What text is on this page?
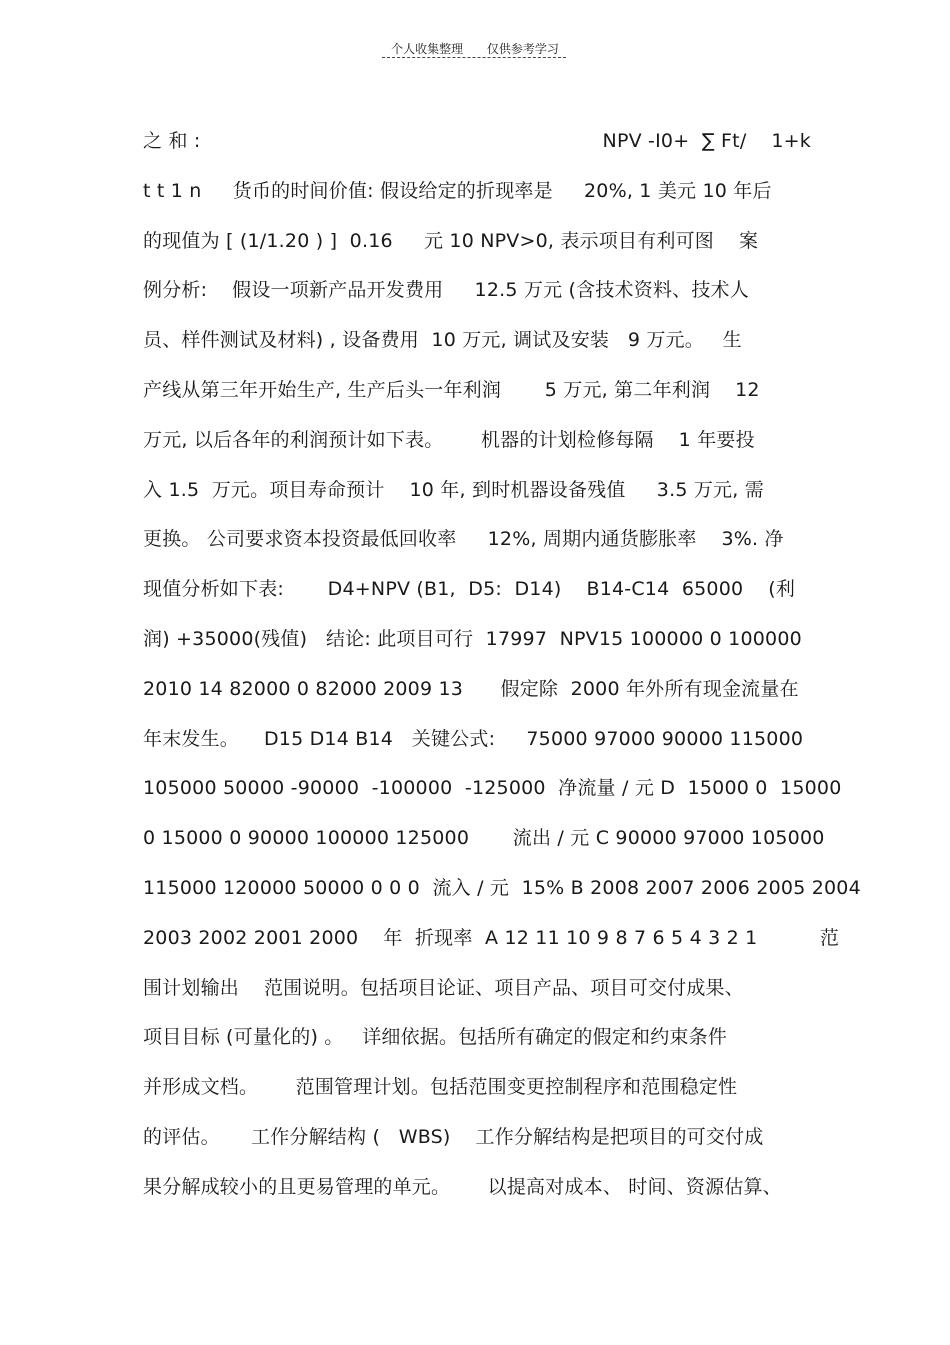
个人收集整理 仅供参考学习
之 和 :	NPV -I0+  ∑ Ft/    1+k
t t 1 n     货币的时间价值: 假设给定的折现率是     20%, 1 美元 10 年后
的现值为 [ (1/1.20 ) ]  0.16     元 10 NPV>0, 表示项目有利可图    案
例分析:    假设一项新产品开发费用     12.5 万元 (含技术资料、技术人
员、样件测试及材料) , 设备费用  10 万元, 调试及安装   9 万元。   生
产线从第三年开始生产, 生产后头一年利润       5 万元, 第二年利润    12
万元, 以后各年的利润预计如下表。      机器的计划检修每隔    1 年要投
入 1.5  万元。项目寿命预计    10 年, 到时机器设备残值     3.5 万元, 需
更换。 公司要求资本投资最低回收率     12%, 周期内通货膨胀率    3%. 净
现值分析如下表:       D4+NPV (B1,  D5:  D14)    B14-C14  65000    (利
润) +35000(残值)   结论: 此项目可行  17997  NPV15 100000 0 100000
2010 14 82000 0 82000 2009 13      假定除  2000 年外所有现金流量在
年末发生。    D15 D14 B14   关键公式:     75000 97000 90000 115000
105000 50000 -90000  -100000  -125000  净流量 / 元 D  15000 0  15000
0 15000 0 90000 100000 125000       流出 / 元 C 90000 97000 105000
115000 120000 50000 0 0 0  流入 / 元  15% B 2008 2007 2006 2005 2004
2003 2002 2001 2000    年  折现率  A 12 11 10 9 8 7 6 5 4 3 2 1          范
围计划输出    范围说明。包括项目论证、项目产品、项目可交付成果、
项目目标 (可量化的) 。   详细依据。包括所有确定的假定和约束条件
并形成文档。      范围管理计划。包括范围变更控制程序和范围稳定性
的评估。     工作分解结构 (   WBS)    工作分解结构是把项目的可交付成
果分解成较小的且更易管理的单元。      以提高对成本、 时间、资源估算、
